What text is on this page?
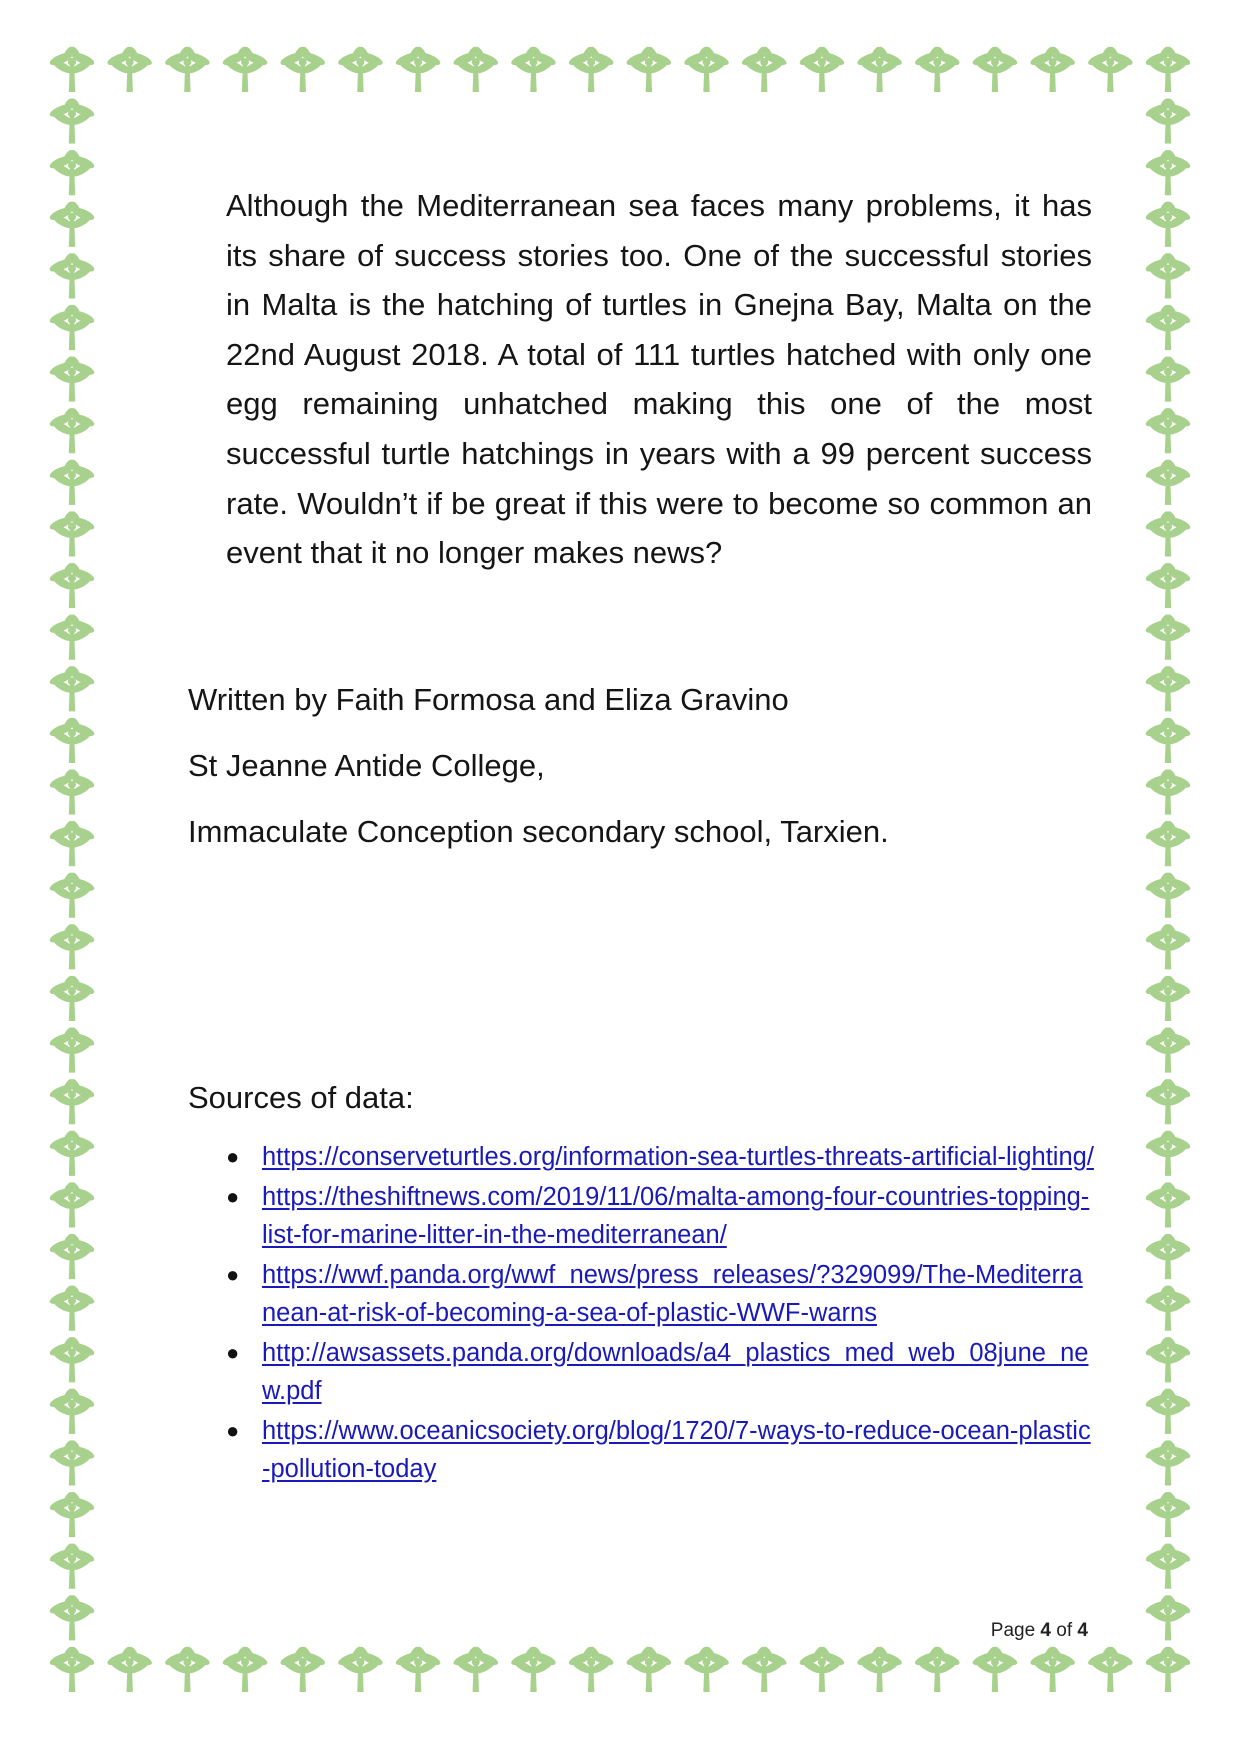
Although the Mediterranean sea faces many problems, it has its share of success stories too. One of the successful stories in Malta is the hatching of turtles in Gnejna Bay, Malta on the 22nd August 2018. A total of 111 turtles hatched with only one egg remaining unhatched making this one of the most successful turtle hatchings in years with a 99 percent success rate. Wouldn’t if be great if this were to become so common an event that it no longer makes news?

Written by Faith Formosa and Eliza Gravino
St Jeanne Antide College,
Immaculate Conception secondary school, Tarxien.
Sources of data:
● https://conserveturtles.org/information-sea-turtles-threats-artificial-lighting/
● https://theshiftnews.com/2019/11/06/malta-among-four-countries-topping-list-for-marine-litter-in-the-mediterranean/
● https://wwf.panda.org/wwf_news/press_releases/?329099/The-Mediterranean-at-risk-of-becoming-a-sea-of-plastic-WWF-warns
● http://awsassets.panda.org/downloads/a4_plastics_med_web_08june_new.pdf
● https://www.oceanicsociety.org/blog/1720/7-ways-to-reduce-ocean-plastic-pollution-today
Page 4 of 4
